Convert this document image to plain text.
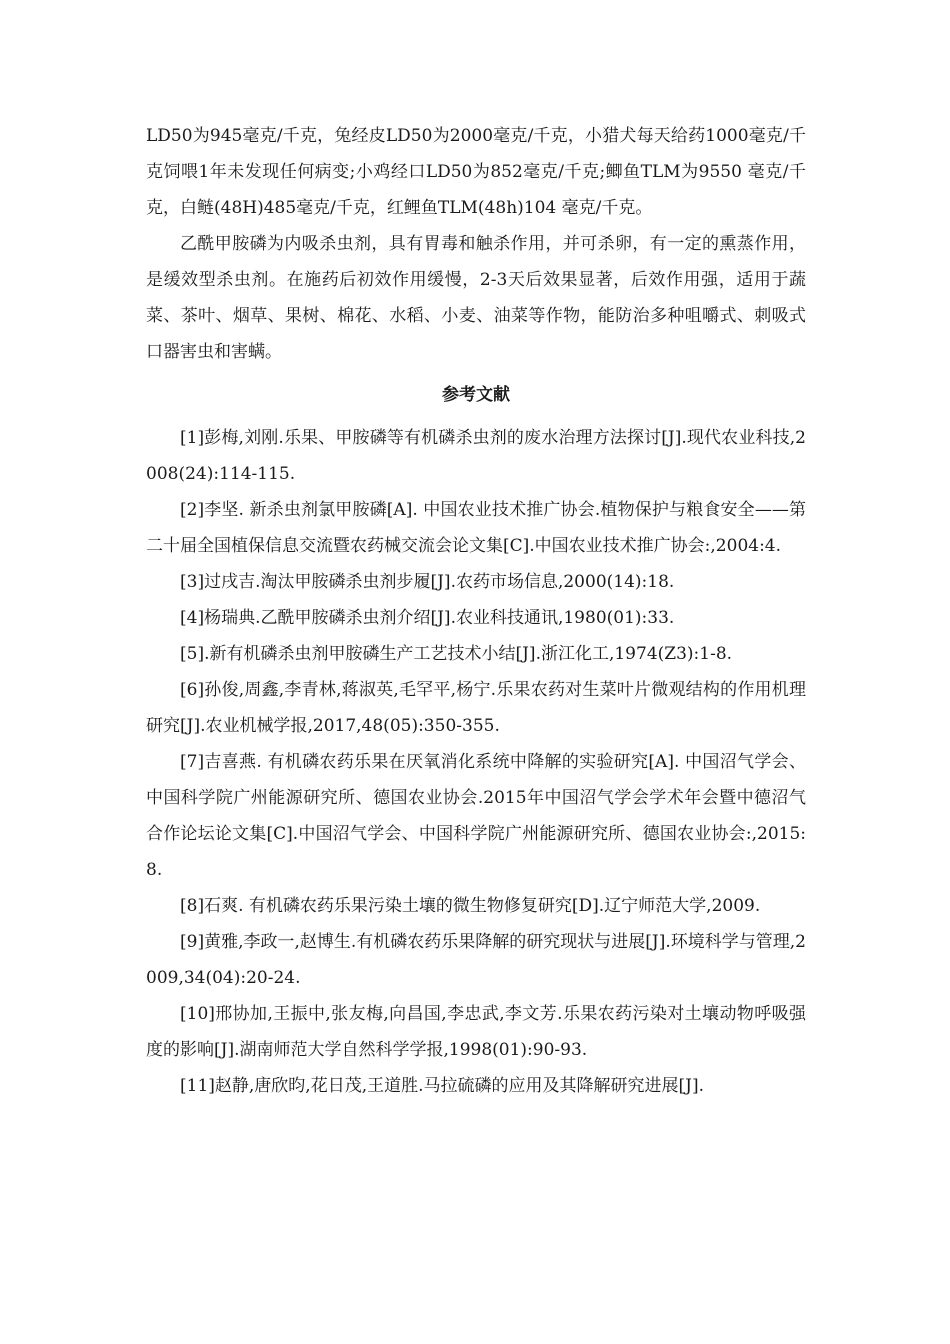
LD50为945毫克/千克，兔经皮LD50为2000毫克/千克，小猎犬每天给药1000毫克/千克饲喂1年未发现任何病变;小鸡经口LD50为852毫克/千克;鲫鱼TLM为9550 毫克/千克，白鲢(48H)485毫克/千克，红鲤鱼TLM(48h)104 毫克/千克。

乙酰甲胺磷为内吸杀虫剂，具有胃毒和触杀作用，并可杀卵，有一定的熏蒸作用，是缓效型杀虫剂。在施药后初效作用缓慢，2-3天后效果显著，后效作用强，适用于蔬菜、茶叶、烟草、果树、棉花、水稻、小麦、油菜等作物，能防治多种咀嚼式、刺吸式口器害虫和害螨。

参考文献

[1]彭梅,刘刚.乐果、甲胺磷等有机磷杀虫剂的废水治理方法探讨[J].现代农业科技,2008(24):114-115.

[2]李坚. 新杀虫剂氯甲胺磷[A]. 中国农业技术推广协会.植物保护与粮食安全——第二十届全国植保信息交流暨农药械交流会论文集[C].中国农业技术推广协会:,2004:4.

[3]过戌吉.淘汰甲胺磷杀虫剂步履[J].农药市场信息,2000(14):18.

[4]杨瑞典.乙酰甲胺磷杀虫剂介绍[J].农业科技通讯,1980(01):33.

[5].新有机磷杀虫剂甲胺磷生产工艺技术小结[J].浙江化工,1974(Z3):1-8.

[6]孙俊,周鑫,李青林,蒋淑英,毛罕平,杨宁.乐果农药对生菜叶片微观结构的作用机理研究[J].农业机械学报,2017,48(05):350-355.

[7]吉喜燕. 有机磷农药乐果在厌氧消化系统中降解的实验研究[A]. 中国沼气学会、中国科学院广州能源研究所、德国农业协会.2015年中国沼气学会学术年会暨中德沼气合作论坛论文集[C].中国沼气学会、中国科学院广州能源研究所、德国农业协会:,2015:8.

[8]石爽. 有机磷农药乐果污染土壤的微生物修复研究[D].辽宁师范大学,2009.

[9]黄雅,李政一,赵博生.有机磷农药乐果降解的研究现状与进展[J].环境科学与管理,2009,34(04):20-24.

[10]邢协加,王振中,张友梅,向昌国,李忠武,李文芳.乐果农药污染对土壤动物呼吸强度的影响[J].湖南师范大学自然科学学报,1998(01):90-93.

[11]赵静,唐欣昀,花日茂,王道胜.马拉硫磷的应用及其降解研究进展[J].
